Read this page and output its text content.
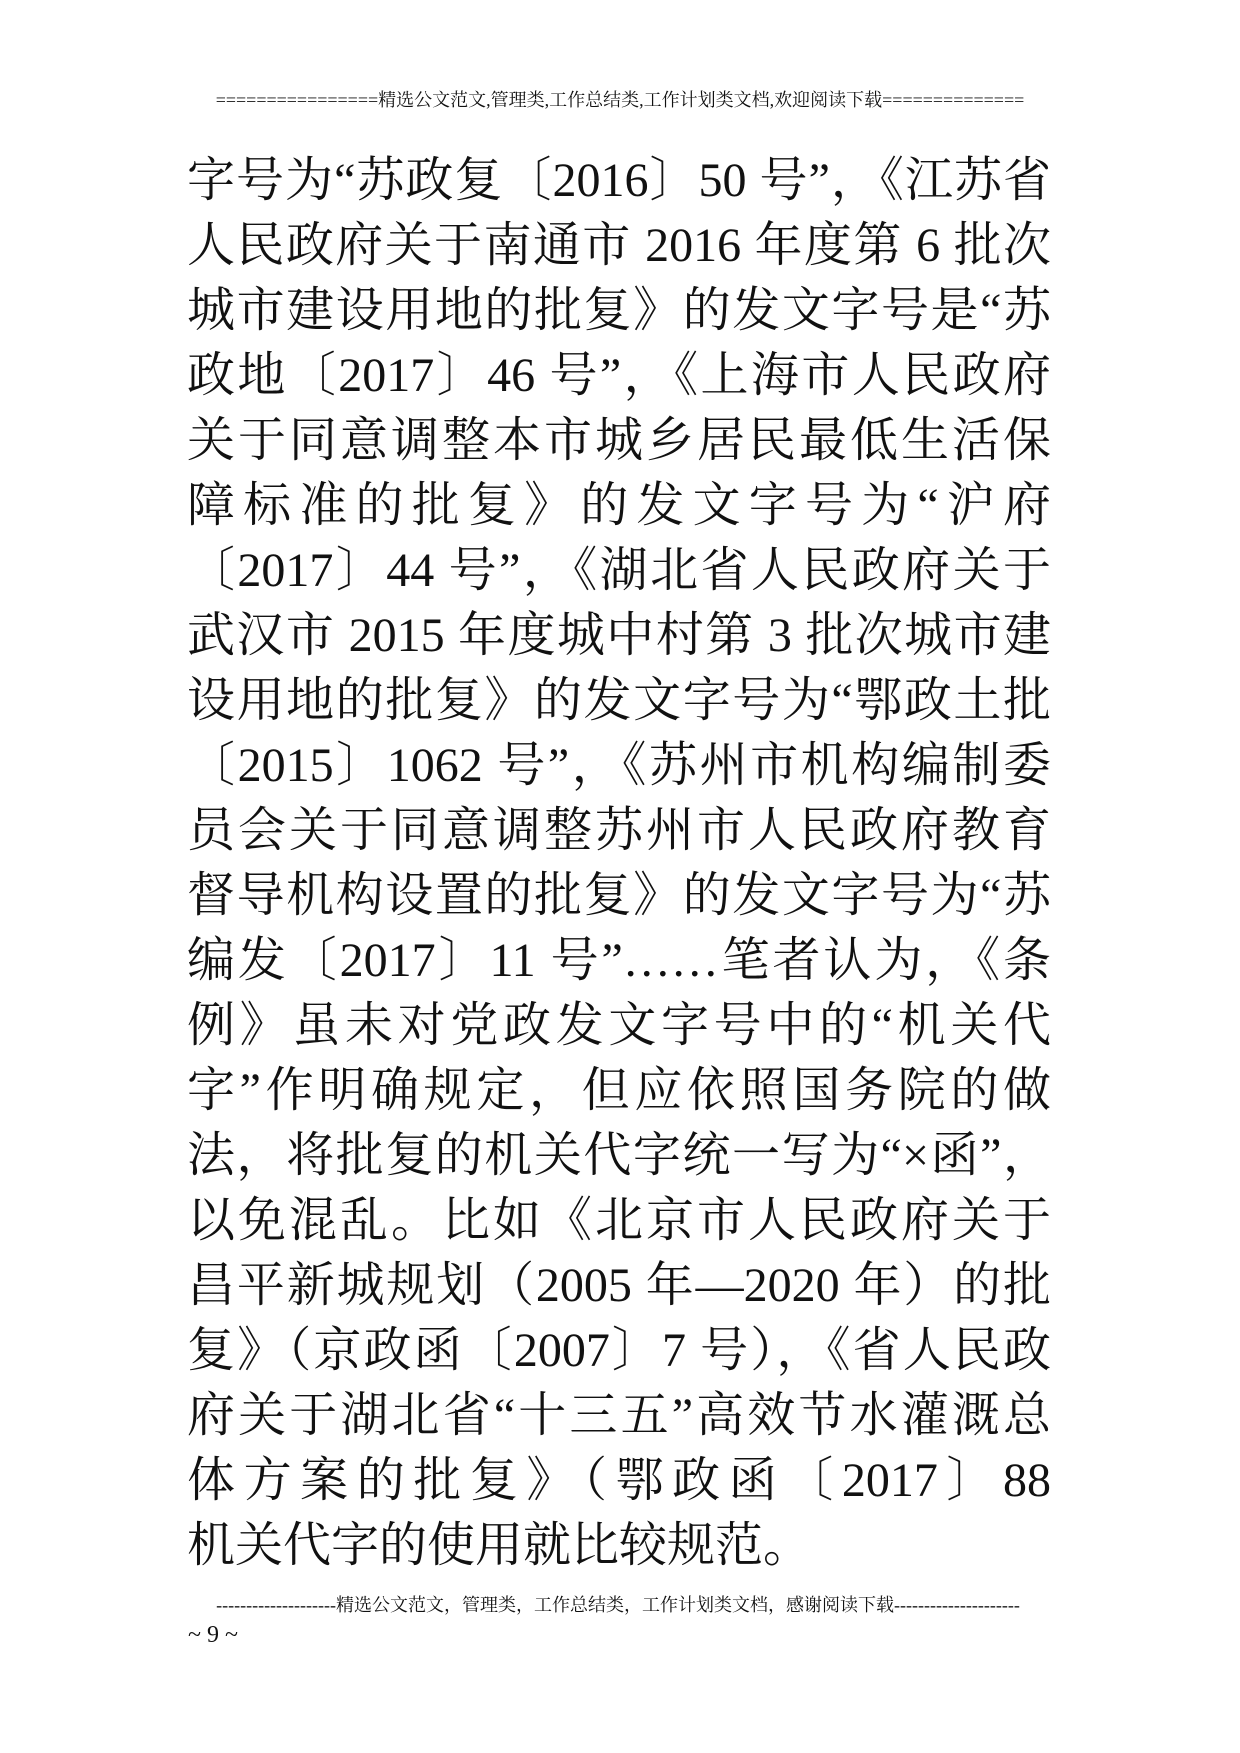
================精选公文范文,管理类,工作总结类,工作计划类文档,欢迎阅读下载==============
字号为“苏政复〔2016〕50 号”，《江苏省
人民政府关于南通市 2016 年度第 6 批次
城市建设用地的批复》的发文字号是“苏
政地〔2017〕46 号”，《上海市人民政府
关于同意调整本市城乡居民最低生活保
障标准的批复》的发文字号为“沪府
〔2017〕44 号”，《湖北省人民政府关于
武汉市 2015 年度城中村第 3 批次城市建
设用地的批复》的发文字号为“鄂政土批
〔2015〕1062 号”，《苏州市机构编制委
员会关于同意调整苏州市人民政府教育
督导机构设置的批复》的发文字号为“苏
编发〔2017〕11 号”……笔者认为，《条
例》虽未对党政发文字号中的“机关代
字”作明确规定，但应依照国务院的做
法，将批复的机关代字统一写为“×函”，
以免混乱。比如《北京市人民政府关于
昌平新城规划（2005 年—2020 年）的批
复》（京政函〔2007〕7 号），《省人民政
府关于湖北省“十三五”高效节水灌溉总
体方案的批复》（鄂政函〔2017〕88
机关代字的使用就比较规范。
--------------------精选公文范文，管理类，工作总结类，工作计划类文档，感谢阅读下载---------------------
~ 9 ~
